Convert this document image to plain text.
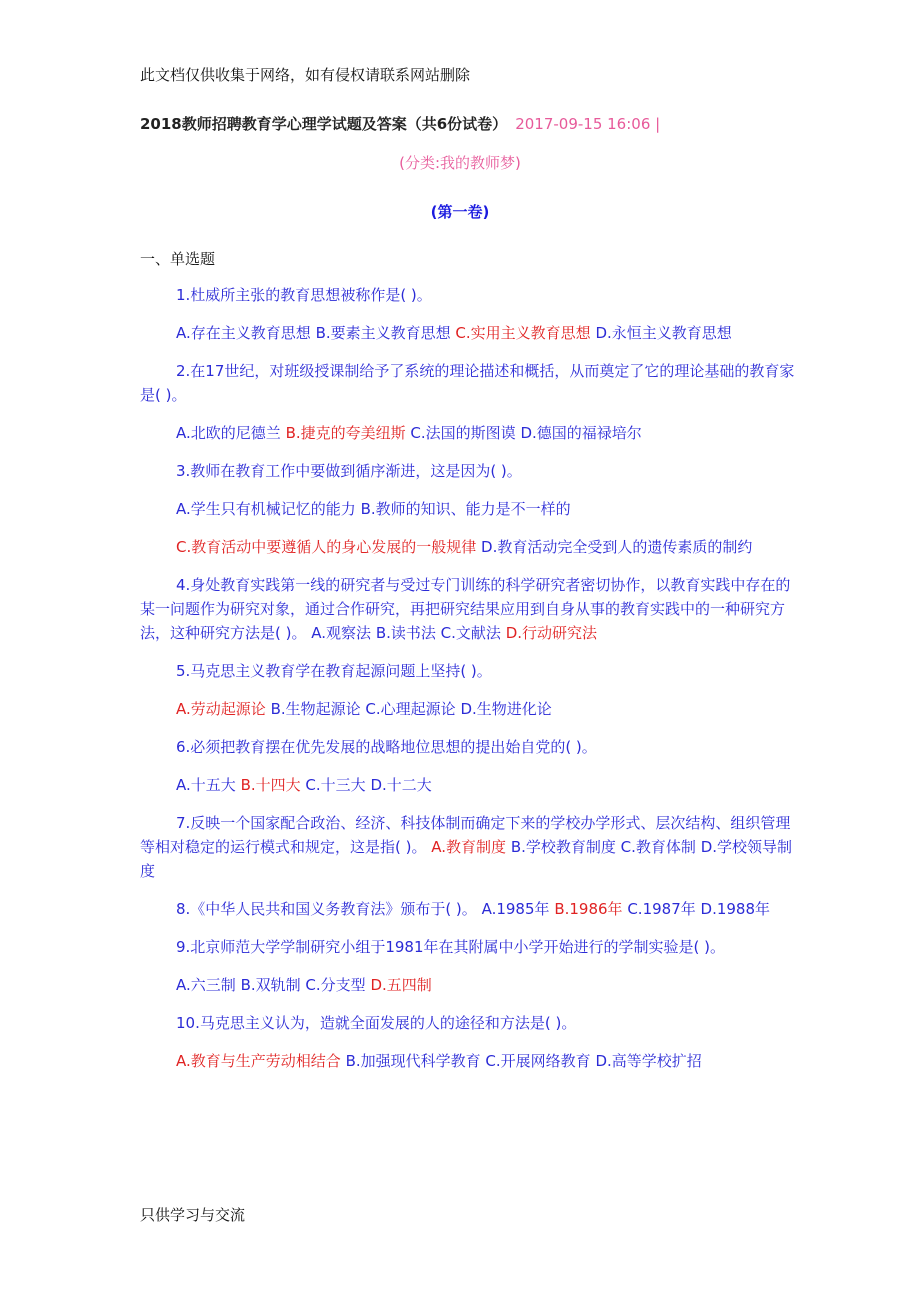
此文档仅供收集于网络，如有侵权请联系网站删除
2018教师招聘教育学心理学试题及答案（共6份试卷） 2017-09-15 16:06 |
(分类:我的教师梦)
(第一卷)
一、单选题

1.杜威所主张的教育思想被称作是( )。

A.存在主义教育思想 B.要素主义教育思想 C.实用主义教育思想 D.永恒主义教育思想

2.在17世纪，对班级授课制给予了系统的理论描述和概括，从而奠定了它的理论基础的教育家是( )。

A.北欧的尼德兰 B.捷克的夸美纽斯 C.法国的斯图谟 D.德国的福禄培尔

3.教师在教育工作中要做到循序渐进，这是因为( )。

A.学生只有机械记忆的能力 B.教师的知识、能力是不一样的

C.教育活动中要遵循人的身心发展的一般规律 D.教育活动完全受到人的遗传素质的制约

4.身处教育实践第一线的研究者与受过专门训练的科学研究者密切协作，以教育实践中存在的某一问题作为研究对象，通过合作研究，再把研究结果应用到自身从事的教育实践中的一种研究方法，这种研究方法是( )。 A.观察法 B.读书法 C.文献法 D.行动研究法

5.马克思主义教育学在教育起源问题上坚持( )。

A.劳动起源论 B.生物起源论 C.心理起源论 D.生物进化论

6.必须把教育摆在优先发展的战略地位思想的提出始自党的( )。

A.十五大 B.十四大 C.十三大 D.十二大

7.反映一个国家配合政治、经济、科技体制而确定下来的学校办学形式、层次结构、组织管理等相对稳定的运行模式和规定，这是指( )。 A.教育制度 B.学校教育制度 C.教育体制 D.学校领导制度

8.《中华人民共和国义务教育法》颁布于( )。 A.1985年 B.1986年 C.1987年 D.1988年

9.北京师范大学学制研究小组于1981年在其附属中小学开始进行的学制实验是( )。

A.六三制 B.双轨制 C.分支型 D.五四制

10.马克思主义认为，造就全面发展的人的途径和方法是( )。

A.教育与生产劳动相结合 B.加强现代科学教育 C.开展网络教育 D.高等学校扩招

只供学习与交流
